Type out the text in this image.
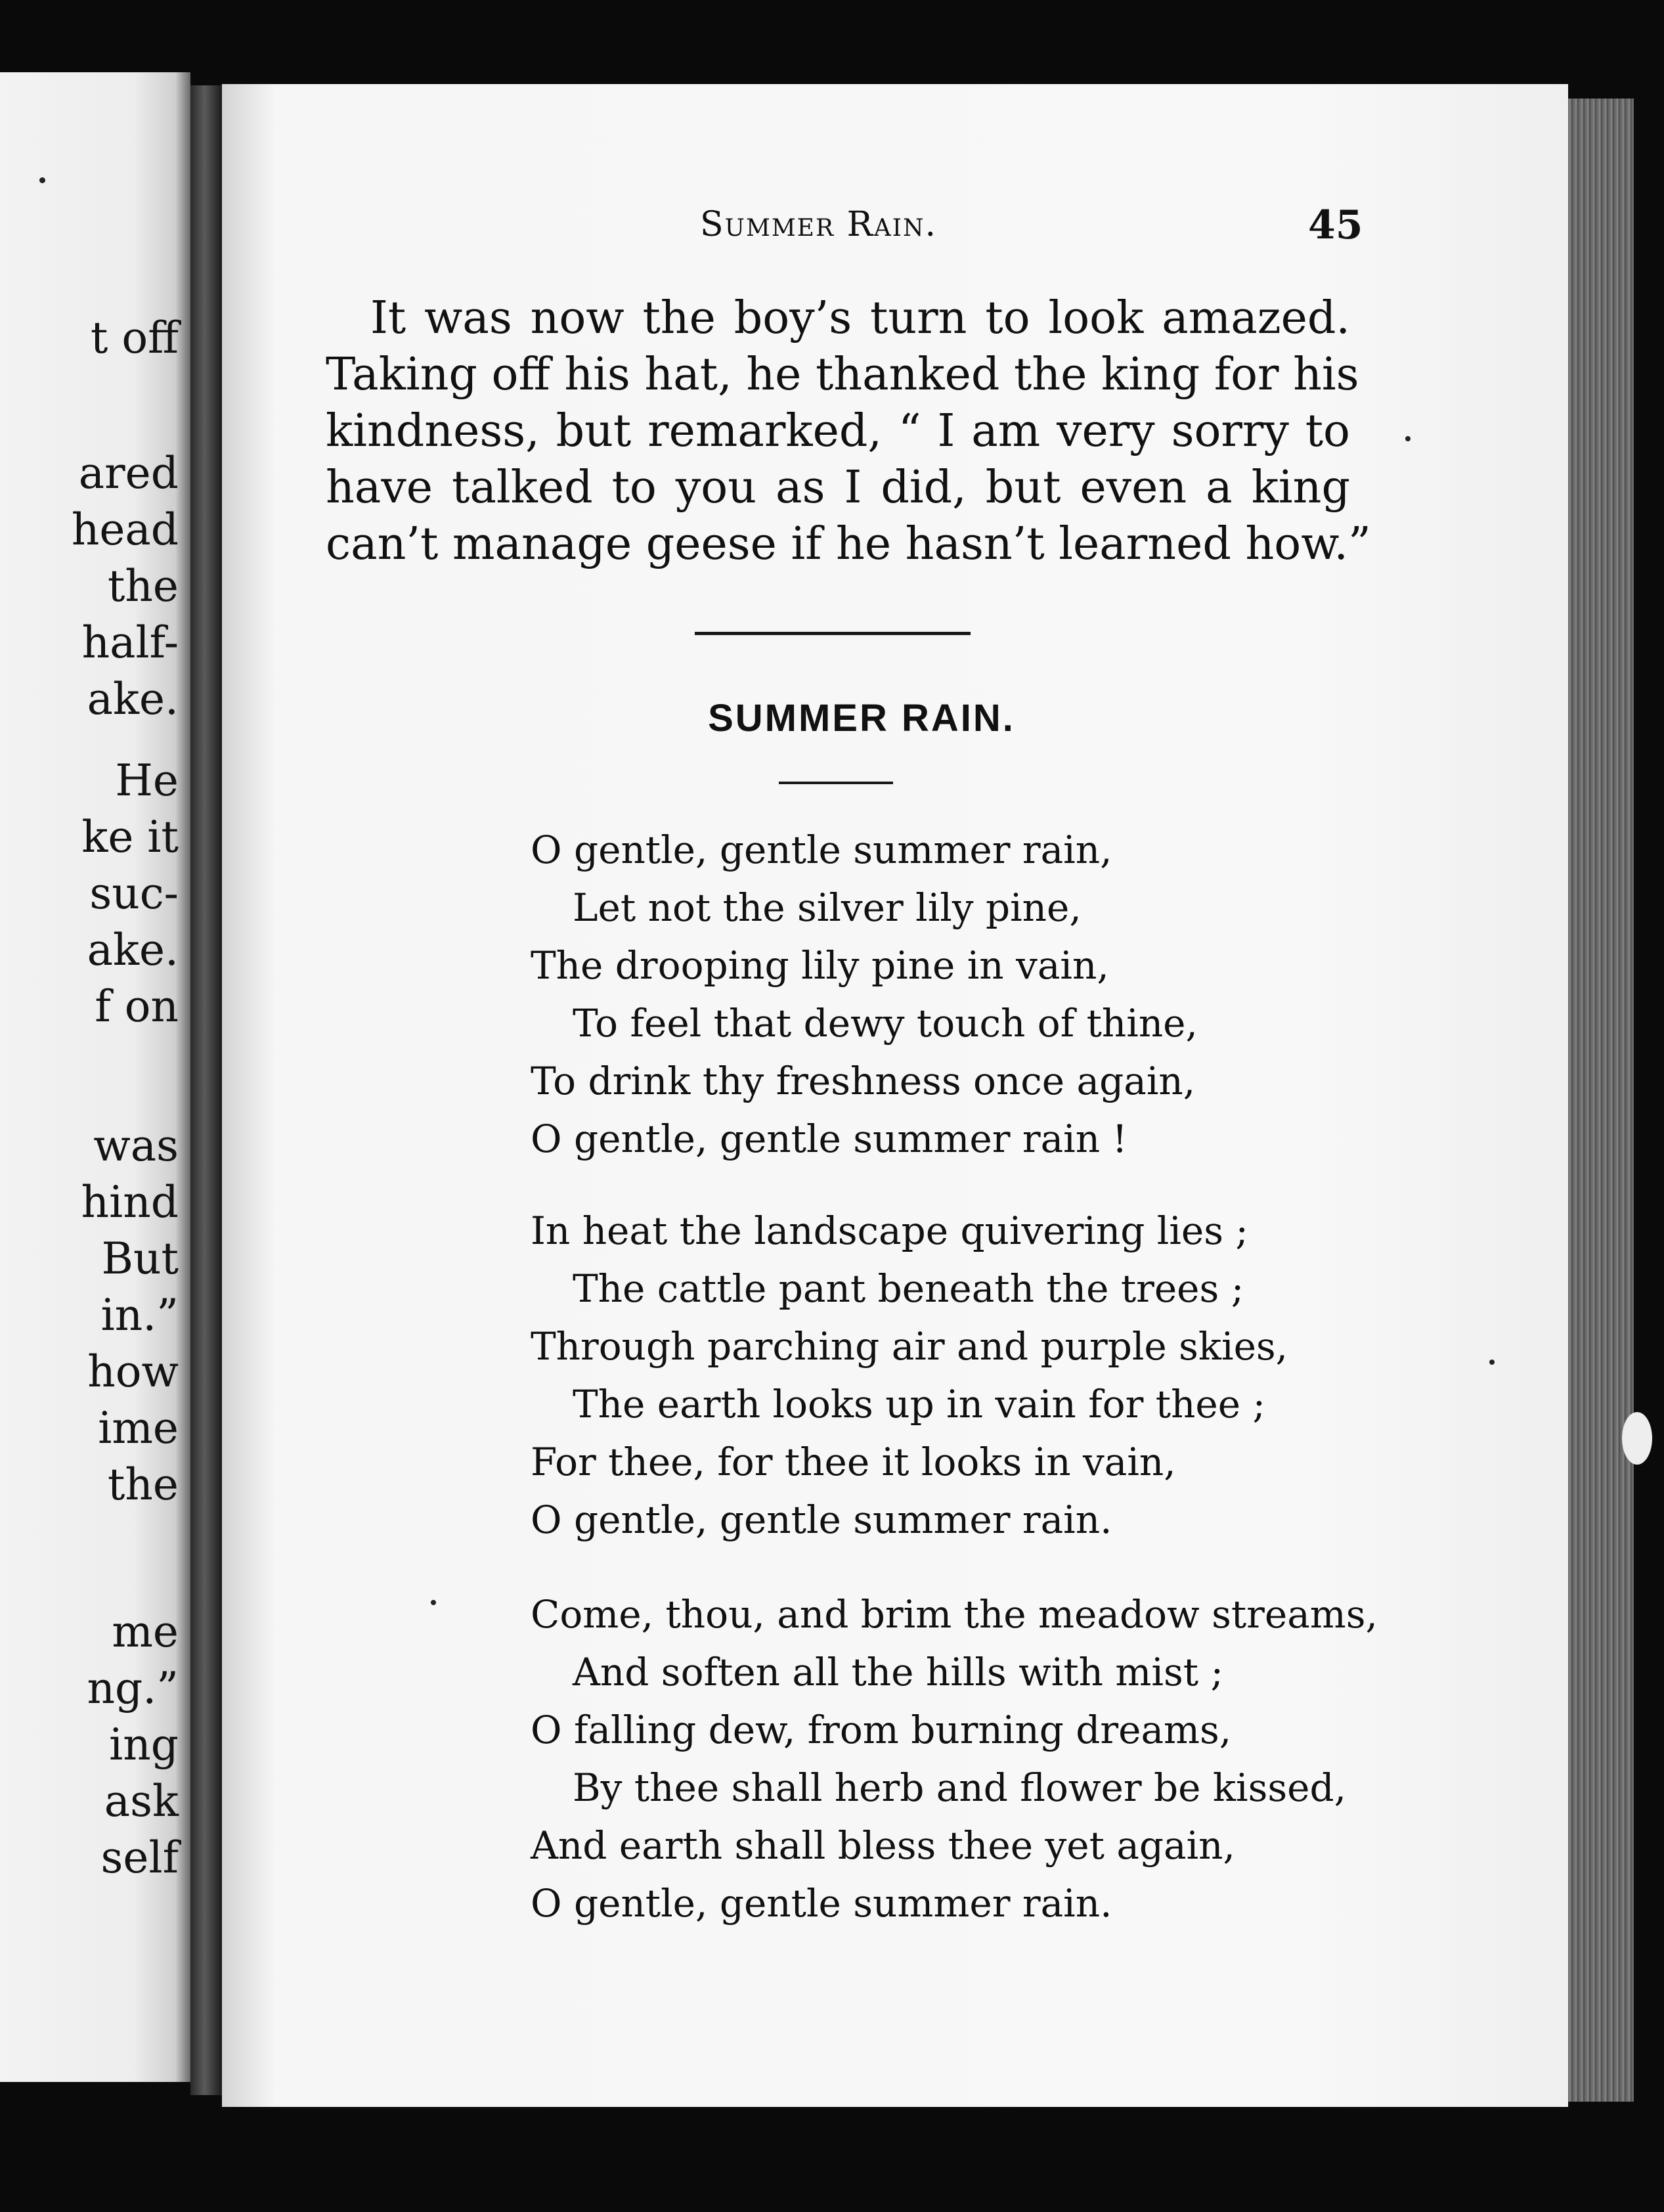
t off
ared
head
the
half-
ake.
He
ke it
suc-
ake.
f on
was
hind
But
in.”
how
ime
the
me
ng.”
ing
ask
self
Summer Rain.	45
It was now the boy’s turn to look amazed.
Taking off his hat, he thanked the king for his
kindness, but remarked, “ I am very sorry to
have talked to you as I did, but even a king
can’t manage geese if he hasn’t learned how.”
SUMMER RAIN.
O gentle, gentle summer rain,
Let not the silver lily pine,
The drooping lily pine in vain,
To feel that dewy touch of thine,
To drink thy freshness once again,
O gentle, gentle summer rain !
In heat the landscape quivering lies ;
The cattle pant beneath the trees ;
Through parching air and purple skies,
The earth looks up in vain for thee ;
For thee, for thee it looks in vain,
O gentle, gentle summer rain.
Come, thou, and brim the meadow streams,
And soften all the hills with mist ;
O falling dew, from burning dreams,
By thee shall herb and flower be kissed,
And earth shall bless thee yet again,
O gentle, gentle summer rain.
